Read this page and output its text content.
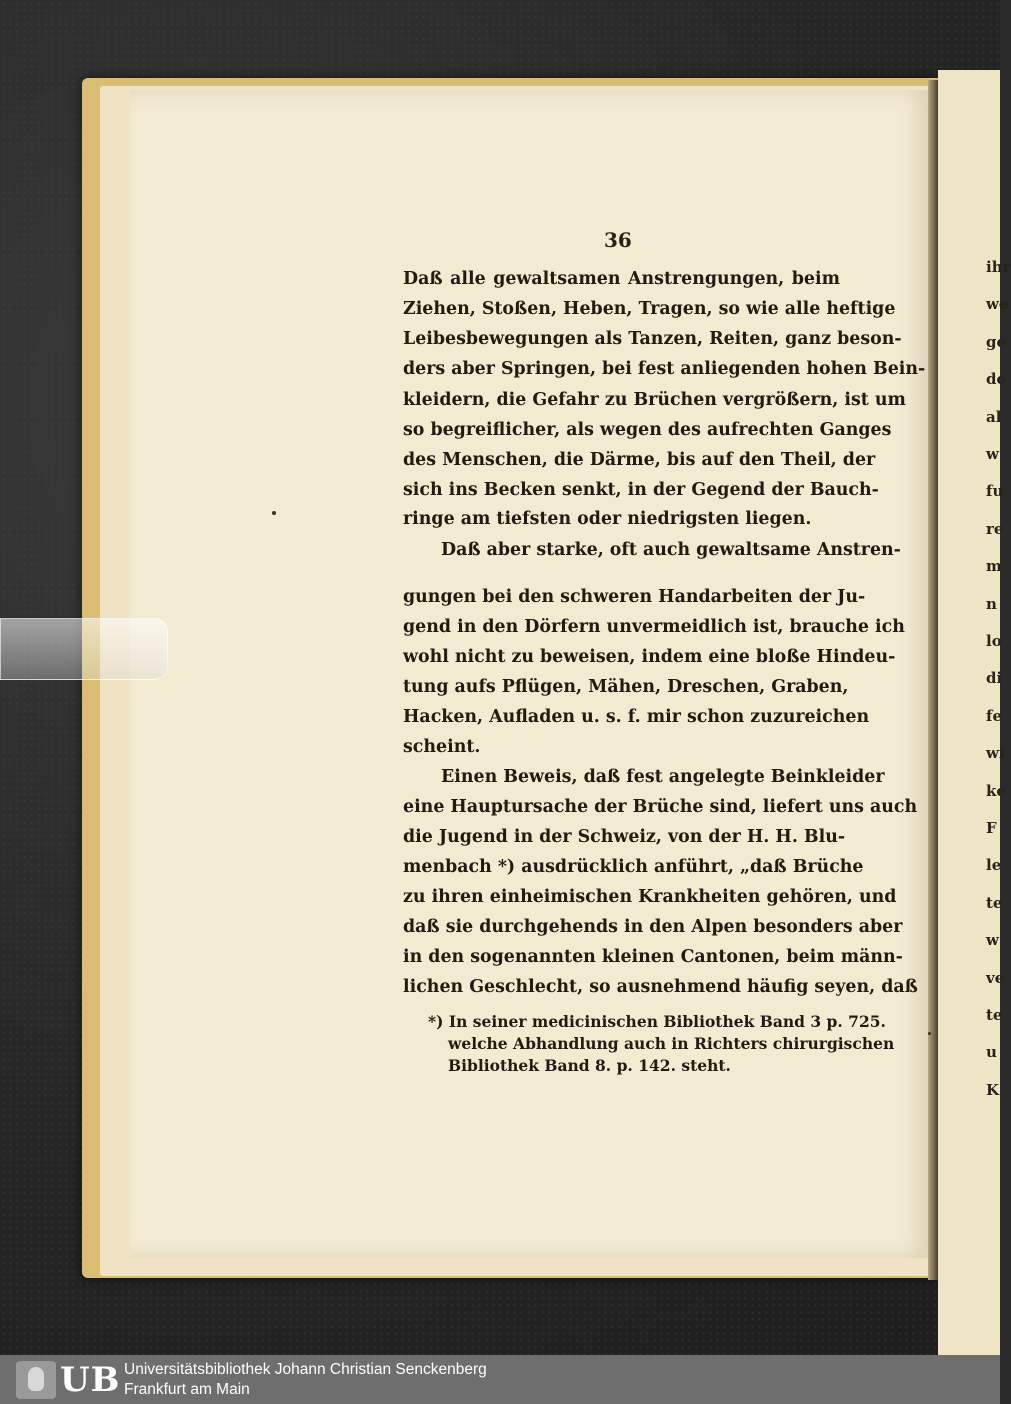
ihr
we
ge
de
al
w
fu
re
m
n
lo
di
fe
wi
ke
F
le
te
w
ve
te
u
K
36
Daß alle gewaltsamen Anstrengungen, beim
Ziehen, Stoßen, Heben, Tragen, so wie alle heftige
Leibesbewegungen als Tanzen, Reiten, ganz beson-
ders aber Springen, bei fest anliegenden hohen Bein-
kleidern, die Gefahr zu Brüchen vergrößern, ist um
so begreiflicher, als wegen des aufrechten Ganges
des Menschen, die Därme, bis auf den Theil, der
sich ins Becken senkt, in der Gegend der Bauch-
ringe am tiefsten oder niedrigsten liegen.
Daß aber starke, oft auch gewaltsame Anstren-
gungen bei den schweren Handarbeiten der Ju-
gend in den Dörfern unvermeidlich ist, brauche ich
wohl nicht zu beweisen, indem eine bloße Hindeu-
tung aufs Pflügen, Mähen, Dreschen, Graben,
Hacken, Aufladen u. s. f. mir schon zuzureichen
scheint.
Einen Beweis, daß fest angelegte Beinkleider
eine Hauptursache der Brüche sind, liefert uns auch
die Jugend in der Schweiz, von der H. H. Blu-
menbach *) ausdrücklich anführt, „daß Brüche
zu ihren einheimischen Krankheiten gehören, und
daß sie durchgehends in den Alpen besonders aber
in den sogenannten kleinen Cantonen, beim männ-
lichen Geschlecht, so ausnehmend häufig seyen, daß
*) In seiner medicinischen Bibliothek Band 3 p. 725.
welche Abhandlung auch in Richters chirurgischen
Bibliothek Band 8. p. 142. steht.
UB Universitätsbibliothek Johann Christian Senckenberg
Frankfurt am Main
